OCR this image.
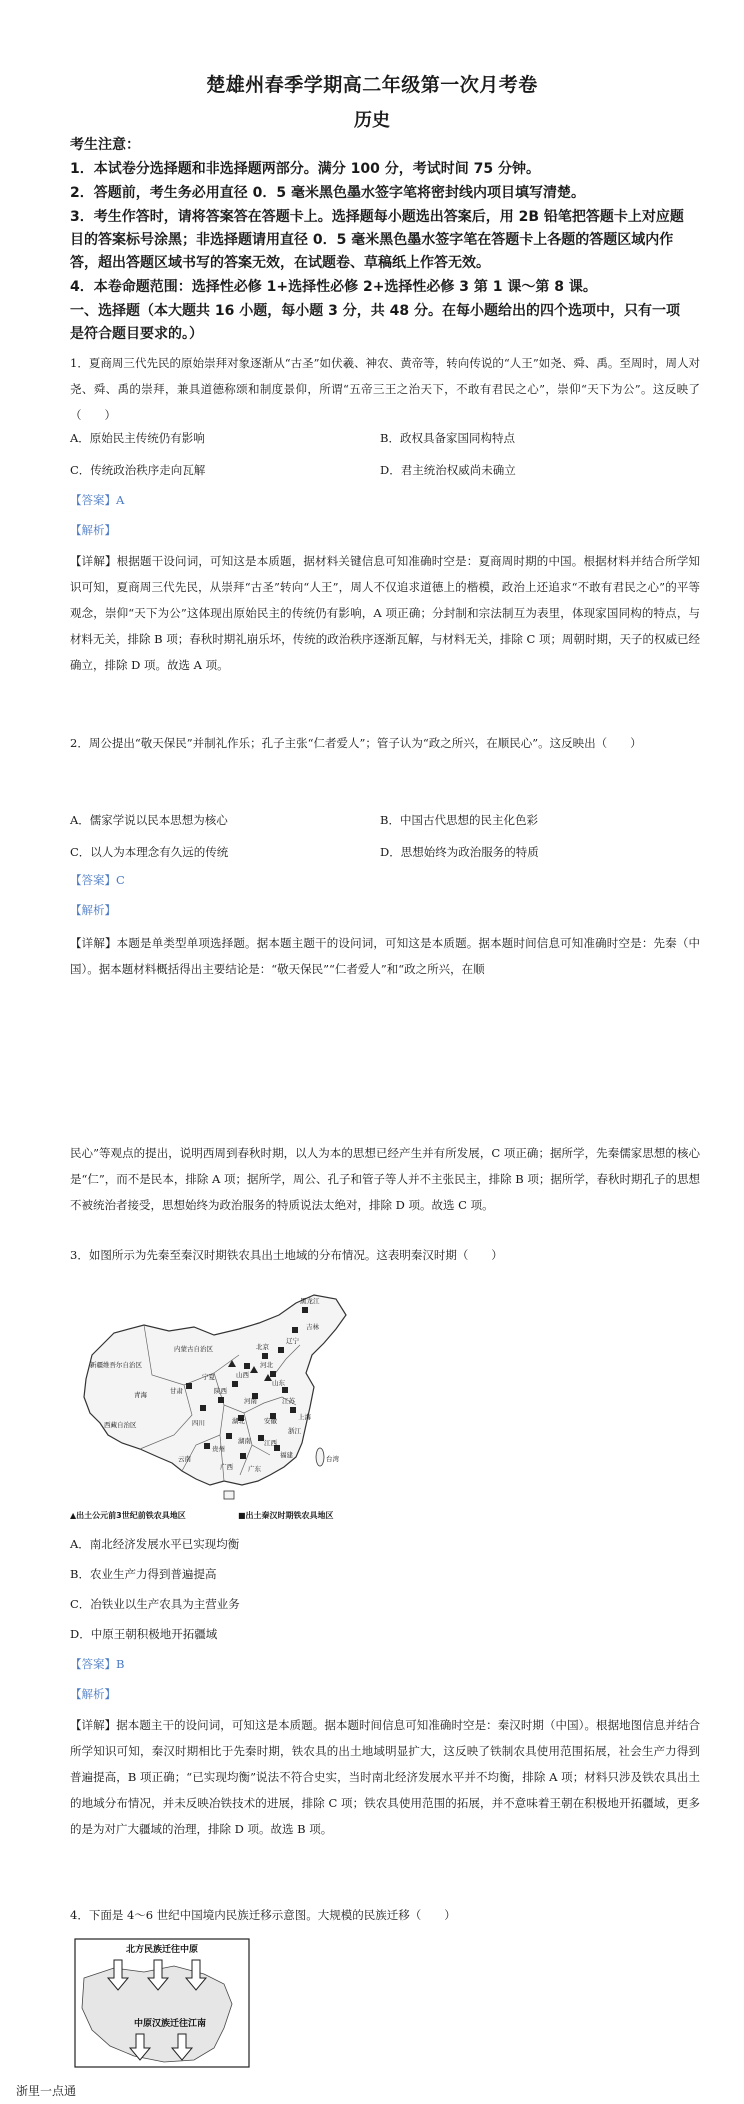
楚雄州春季学期高二年级第一次月考卷
历史
考生注意：
1．本试卷分选择题和非选择题两部分。满分 100 分，考试时间 75 分钟。
2．答题前，考生务必用直径 0．5 毫米黑色墨水签字笔将密封线内项目填写清楚。
3．考生作答时，请将答案答在答题卡上。选择题每小题选出答案后，用 2B 铅笔把答题卡上对应题目的答案标号涂黑；非选择题请用直径 0．5 毫米黑色墨水签字笔在答题卡上各题的答题区域内作答，超出答题区域书写的答案无效，在试题卷、草稿纸上作答无效。
4．本卷命题范围：选择性必修 1+选择性必修 2+选择性必修 3 第 1 课～第 8 课。
一、选择题（本大题共 16 小题，每小题 3 分，共 48 分。在每小题给出的四个选项中，只有一项是符合题目要求的。）
1．夏商周三代先民的原始崇拜对象逐渐从“古圣”如伏羲、神农、黄帝等，转向传说的“人王”如尧、舜、禹。至周时，周人对尧、舜、禹的崇拜，兼具道德称颂和制度景仰，所谓“五帝三王之治天下，不敢有君民之心”，崇仰“天下为公”。这反映了（　　）
A．原始民主传统仍有影响	B．政权具备家国同构特点
C．传统政治秩序走向瓦解	D．君主统治权威尚未确立
【答案】A
【解析】
【详解】根据题干设问词，可知这是本质题，据材料关键信息可知准确时空是：夏商周时期的中国。根据材料并结合所学知识可知，夏商周三代先民，从崇拜“古圣”转向“人王”，周人不仅追求道德上的楷模，政治上还追求“不敢有君民之心”的平等观念，崇仰“天下为公”这体现出原始民主的传统仍有影响，A 项正确；分封制和宗法制互为表里，体现家国同构的特点，与材料无关，排除 B 项；春秋时期礼崩乐坏，传统的政治秩序逐渐瓦解，与材料无关，排除 C 项；周朝时期，天子的权威已经确立，排除 D 项。故选 A 项。
2．周公提出“敬天保民”并制礼作乐；孔子主张“仁者爱人”；管子认为“政之所兴，在顺民心”。这反映出（　　）
A．儒家学说以民本思想为核心	B．中国古代思想的民主化色彩
C．以人为本理念有久远的传统	D．思想始终为政治服务的特质
【答案】C
【解析】
【详解】本题是单类型单项选择题。据本题主题干的设问词，可知这是本质题。据本题时间信息可知准确时空是：先秦（中国）。据本题材料概括得出主要结论是：“敬天保民”“仁者爱人”和“政之所兴，在顺
民心”等观点的提出，说明西周到春秋时期，以人为本的思想已经产生并有所发展，C 项正确；据所学，先秦儒家思想的核心是“仁”，而不是民本，排除 A 项；据所学，周公、孔子和管子等人并不主张民主，排除 B 项；据所学，春秋时期孔子的思想不被统治者接受，思想始终为政治服务的特质说法太绝对，排除 D 项。故选 C 项。
3．如图所示为先秦至秦汉时期铁农具出土地域的分布情况。这表明秦汉时期（　　）
黑龙江
吉林
辽宁
新疆维吾尔自治区
内蒙古自治区	北京
河北
宁夏	山西
山东
甘肃
青海	陕西
河南	江苏
西藏自治区	四川	湖北	安徽	上海
浙江
湖南 江西
贵州
福建
云南
广西 广东
台湾
▲出土公元前3世纪前铁农具地区	■出土秦汉时期铁农具地区
A．南北经济发展水平已实现均衡
B．农业生产力得到普遍提高
C．冶铁业以生产农具为主营业务
D．中原王朝积极地开拓疆域
【答案】B
【解析】
【详解】据本题主干的设问词，可知这是本质题。据本题时间信息可知准确时空是：秦汉时期（中国）。根据地图信息并结合所学知识可知，秦汉时期相比于先秦时期，铁农具的出土地域明显扩大，这反映了铁制农具使用范围拓展，社会生产力得到普遍提高，B 项正确；“已实现均衡”说法不符合史实，当时南北经济发展水平并不均衡，排除 A 项；材料只涉及铁农具出土的地域分布情况，并未反映冶铁技术的进展，排除 C 项；铁农具使用范围的拓展，并不意味着王朝在积极地开拓疆域，更多的是为对广大疆域的治理，排除 D 项。故选 B 项。
4．下面是 4～6 世纪中国境内民族迁移示意图。大规模的民族迁移（　　）
北方民族迁往中原
中原汉族迁往江南
浙里一点通
